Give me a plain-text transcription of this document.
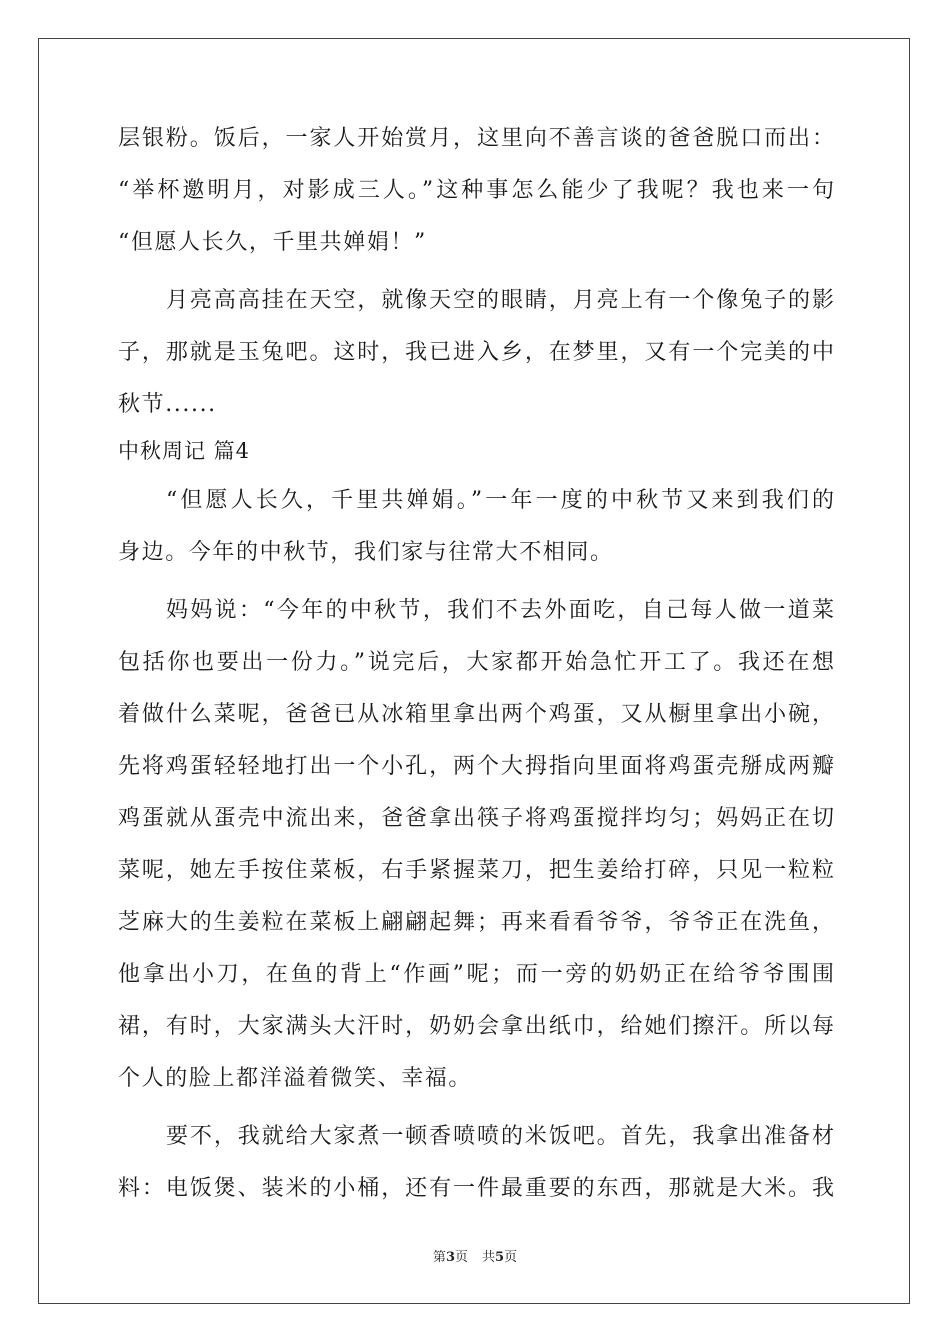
层银粉。饭后，一家人开始赏月，这里向不善言谈的爸爸脱口而出：
“举杯邀明月，对影成三人。”这种事怎么能少了我呢？我也来一句
“但愿人长久，千里共婵娟！”
月亮高高挂在天空，就像天空的眼睛，月亮上有一个像兔子的影
子，那就是玉兔吧。这时，我已进入乡，在梦里，又有一个完美的中
秋节......
中秋周记 篇4
“但愿人长久，千里共婵娟。”一年一度的中秋节又来到我们的
身边。今年的中秋节，我们家与往常大不相同。
妈妈说：“今年的中秋节，我们不去外面吃，自己每人做一道菜
包括你也要出一份力。”说完后，大家都开始急忙开工了。我还在想
着做什么菜呢，爸爸已从冰箱里拿出两个鸡蛋，又从橱里拿出小碗，
先将鸡蛋轻轻地打出一个小孔，两个大拇指向里面将鸡蛋壳掰成两瓣
鸡蛋就从蛋壳中流出来，爸爸拿出筷子将鸡蛋搅拌均匀；妈妈正在切
菜呢，她左手按住菜板，右手紧握菜刀，把生姜给打碎，只见一粒粒
芝麻大的生姜粒在菜板上翩翩起舞；再来看看爷爷，爷爷正在洗鱼，
他拿出小刀，在鱼的背上“作画”呢；而一旁的奶奶正在给爷爷围围
裙，有时，大家满头大汗时，奶奶会拿出纸巾，给她们擦汗。所以每
个人的脸上都洋溢着微笑、幸福。
要不，我就给大家煮一顿香喷喷的米饭吧。首先，我拿出准备材
料：电饭煲、装米的小桶，还有一件最重要的东西，那就是大米。我
第3页 共5页
